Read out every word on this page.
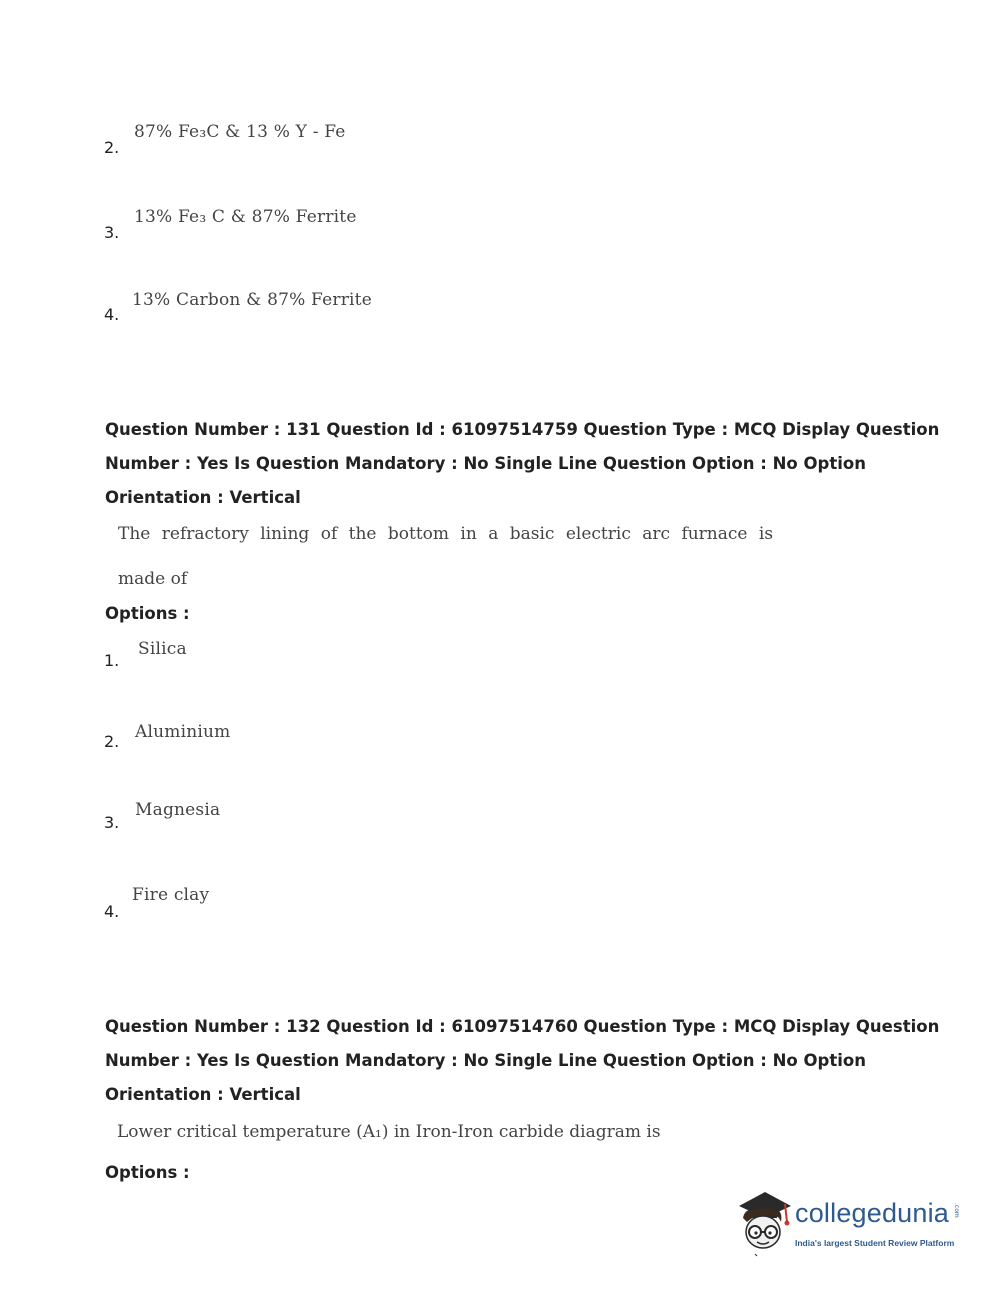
87% Fe₃C & 13 % Υ - Fe
2.
13% Fe₃ C & 87% Ferrite
3.
13% Carbon & 87% Ferrite
4.
Question Number : 131 Question Id : 61097514759 Question Type : MCQ Display Question
Number : Yes Is Question Mandatory : No Single Line Question Option : No Option
Orientation : Vertical
The refractory lining of the bottom in a basic electric arc furnace is
made of
Options :
Silica
1.
Aluminium
2.
Magnesia
3.
Fire clay
4.
Question Number : 132 Question Id : 61097514760 Question Type : MCQ Display Question
Number : Yes Is Question Mandatory : No Single Line Question Option : No Option
Orientation : Vertical
Lower critical temperature (A₁) in Iron-Iron carbide diagram is
Options :
collegedunia .com
India's largest Student Review Platform
